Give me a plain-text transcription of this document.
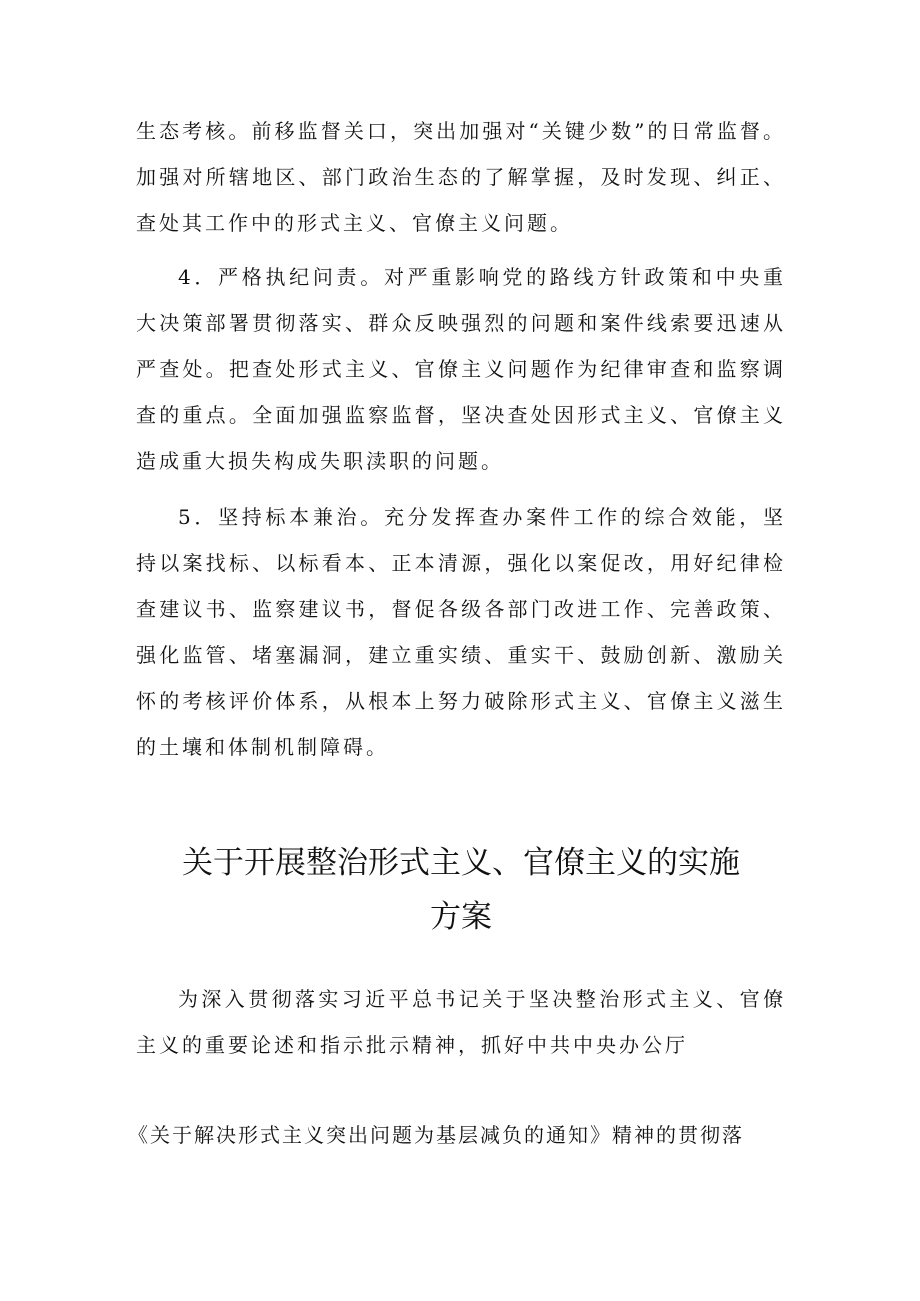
生态考核。前移监督关口，突出加强对“关键少数”的日常监督。加强对所辖地区、部门政治生态的了解掌握，及时发现、纠正、查处其工作中的形式主义、官僚主义问题。

4．严格执纪问责。对严重影响党的路线方针政策和中央重大决策部署贯彻落实、群众反映强烈的问题和案件线索要迅速从严查处。把查处形式主义、官僚主义问题作为纪律审查和监察调查的重点。全面加强监察监督，坚决查处因形式主义、官僚主义造成重大损失构成失职渎职的问题。

5．坚持标本兼治。充分发挥查办案件工作的综合效能，坚持以案找标、以标看本、正本清源，强化以案促改，用好纪律检查建议书、监察建议书，督促各级各部门改进工作、完善政策、强化监管、堵塞漏洞，建立重实绩、重实干、鼓励创新、激励关怀的考核评价体系，从根本上努力破除形式主义、官僚主义滋生的土壤和体制机制障碍。

关于开展整治形式主义、官僚主义的实施
方案

为深入贯彻落实习近平总书记关于坚决整治形式主义、官僚主义的重要论述和指示批示精神，抓好中共中央办公厅

《关于解决形式主义突出问题为基层减负的通知》精神的贯彻落
